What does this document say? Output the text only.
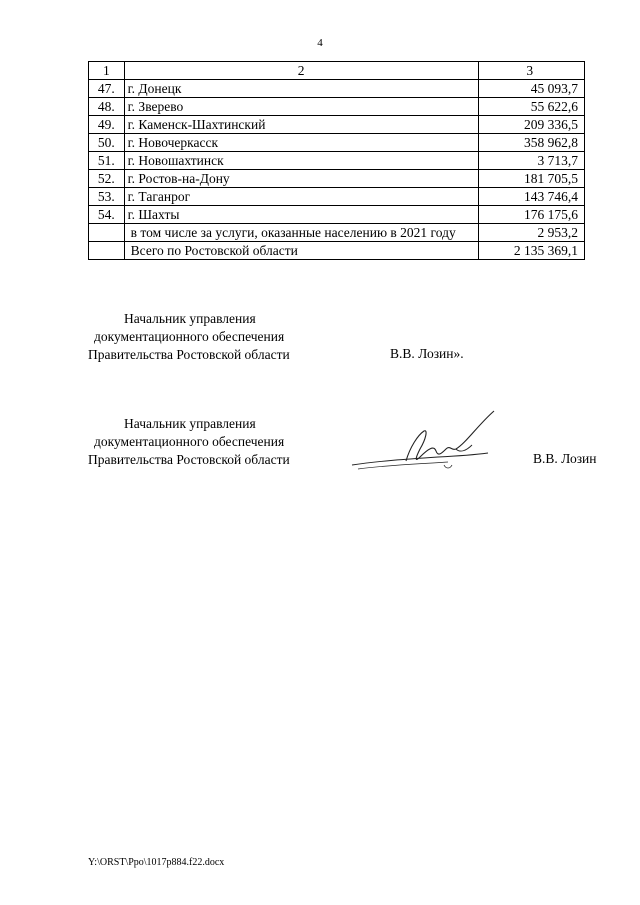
4
1	2	3
47.	г. Донецк	45 093,7
48.	г. Зверево	55 622,6
49.	г. Каменск-Шахтинский	209 336,5
50.	г. Новочеркасск	358 962,8
51.	г. Новошахтинск	3 713,7
52.	г. Ростов-на-Дону	181 705,5
53.	г. Таганрог	143 746,4
54.	г. Шахты	176 175,6
	в том числе за услуги, оказанные населению в 2021 году	2 953,2
	Всего по Ростовской области	2 135 369,1
Начальник управления
документационного обеспечения
Правительства Ростовской области	В.В. Лозин».
Начальник управления
документационного обеспечения
Правительства Ростовской области	В.В. Лозин
Y:\ORST\Ppo\1017p884.f22.docx
